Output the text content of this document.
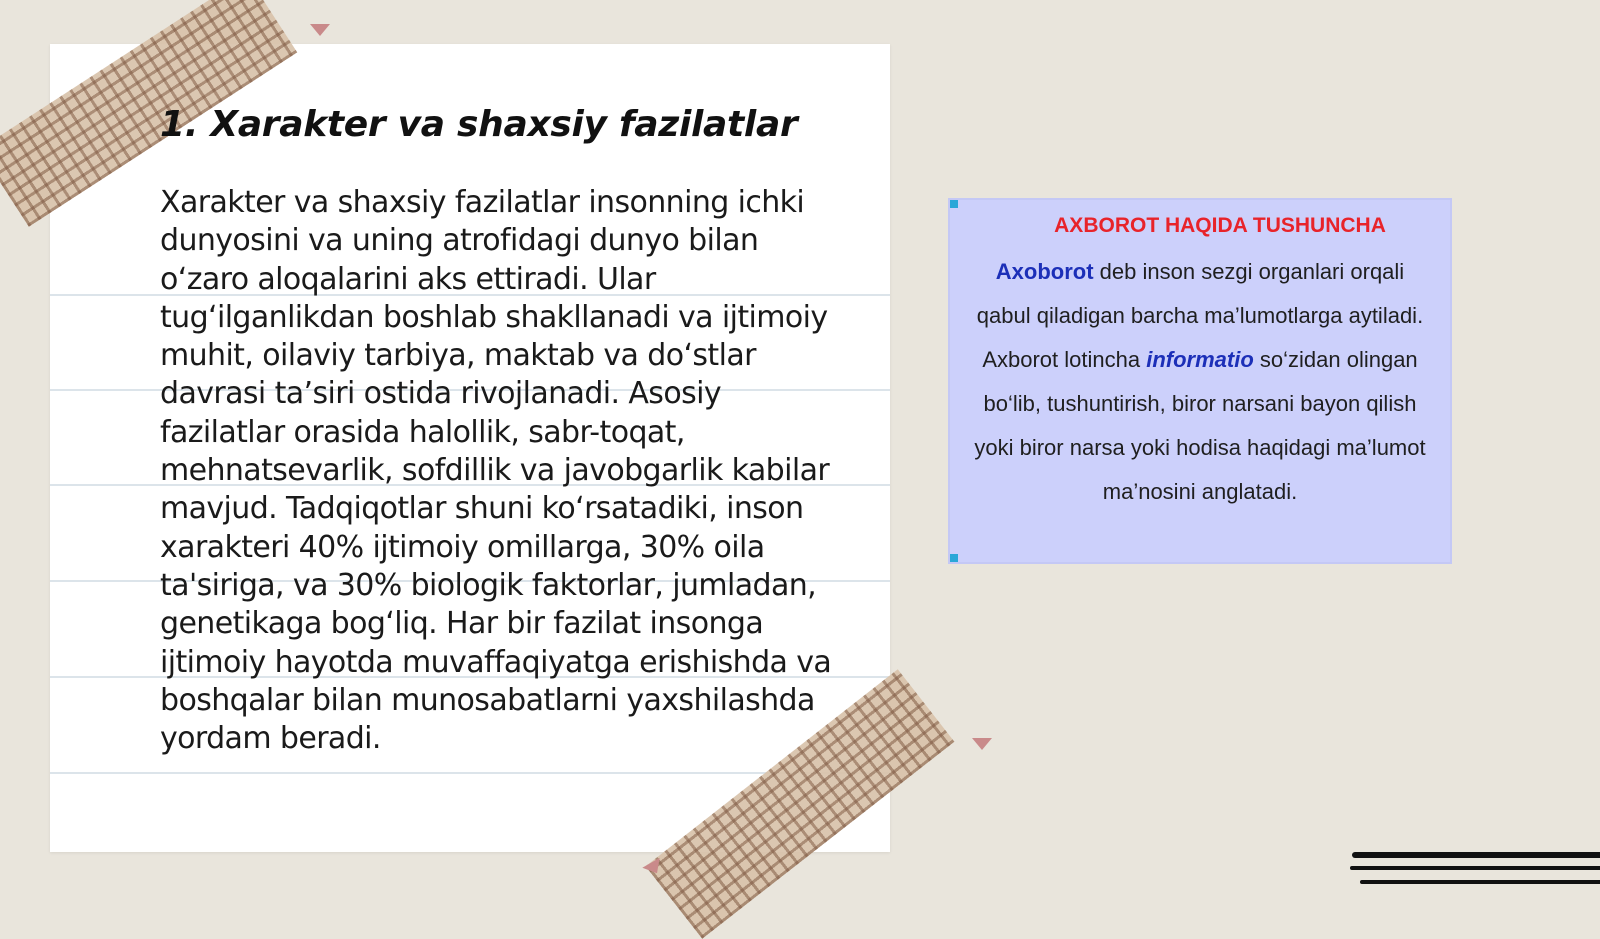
1. Xarakter va shaxsiy fazilatlar

Xarakter va shaxsiy fazilatlar insonning ichki dunyosini va uning atrofidagi dunyo bilan o‘zaro aloqalarini aks ettiradi. Ular tug‘ilganlikdan boshlab shakllanadi va ijtimoiy muhit, oilaviy tarbiya, maktab va do‘stlar davrasi ta’siri ostida rivojlanadi. Asosiy fazilatlar orasida halollik, sabr-toqat, mehnatsevarlik, sofdillik va javobgarlik kabilar mavjud. Tadqiqotlar shuni ko‘rsatadiki, inson xarakteri 40% ijtimoiy omillarga, 30% oila ta'siriga, va 30% biologik faktorlar, jumladan, genetikaga bog‘liq. Har bir fazilat insonga ijtimoiy hayotda muvaffaqiyatga erishishda va boshqalar bilan munosabatlarni yaxshilashda yordam beradi.

AXBOROT HAQIDA TUSHUNCHA

Axoborot deb inson sezgi organlari orqali qabul qiladigan barcha ma’lumotlarga aytiladi. Axborot lotincha informatio so‘zidan olingan bo‘lib, tushuntirish, biror narsani bayon qilish yoki biror narsa yoki hodisa haqidagi ma’lumot ma’nosini anglatadi.
